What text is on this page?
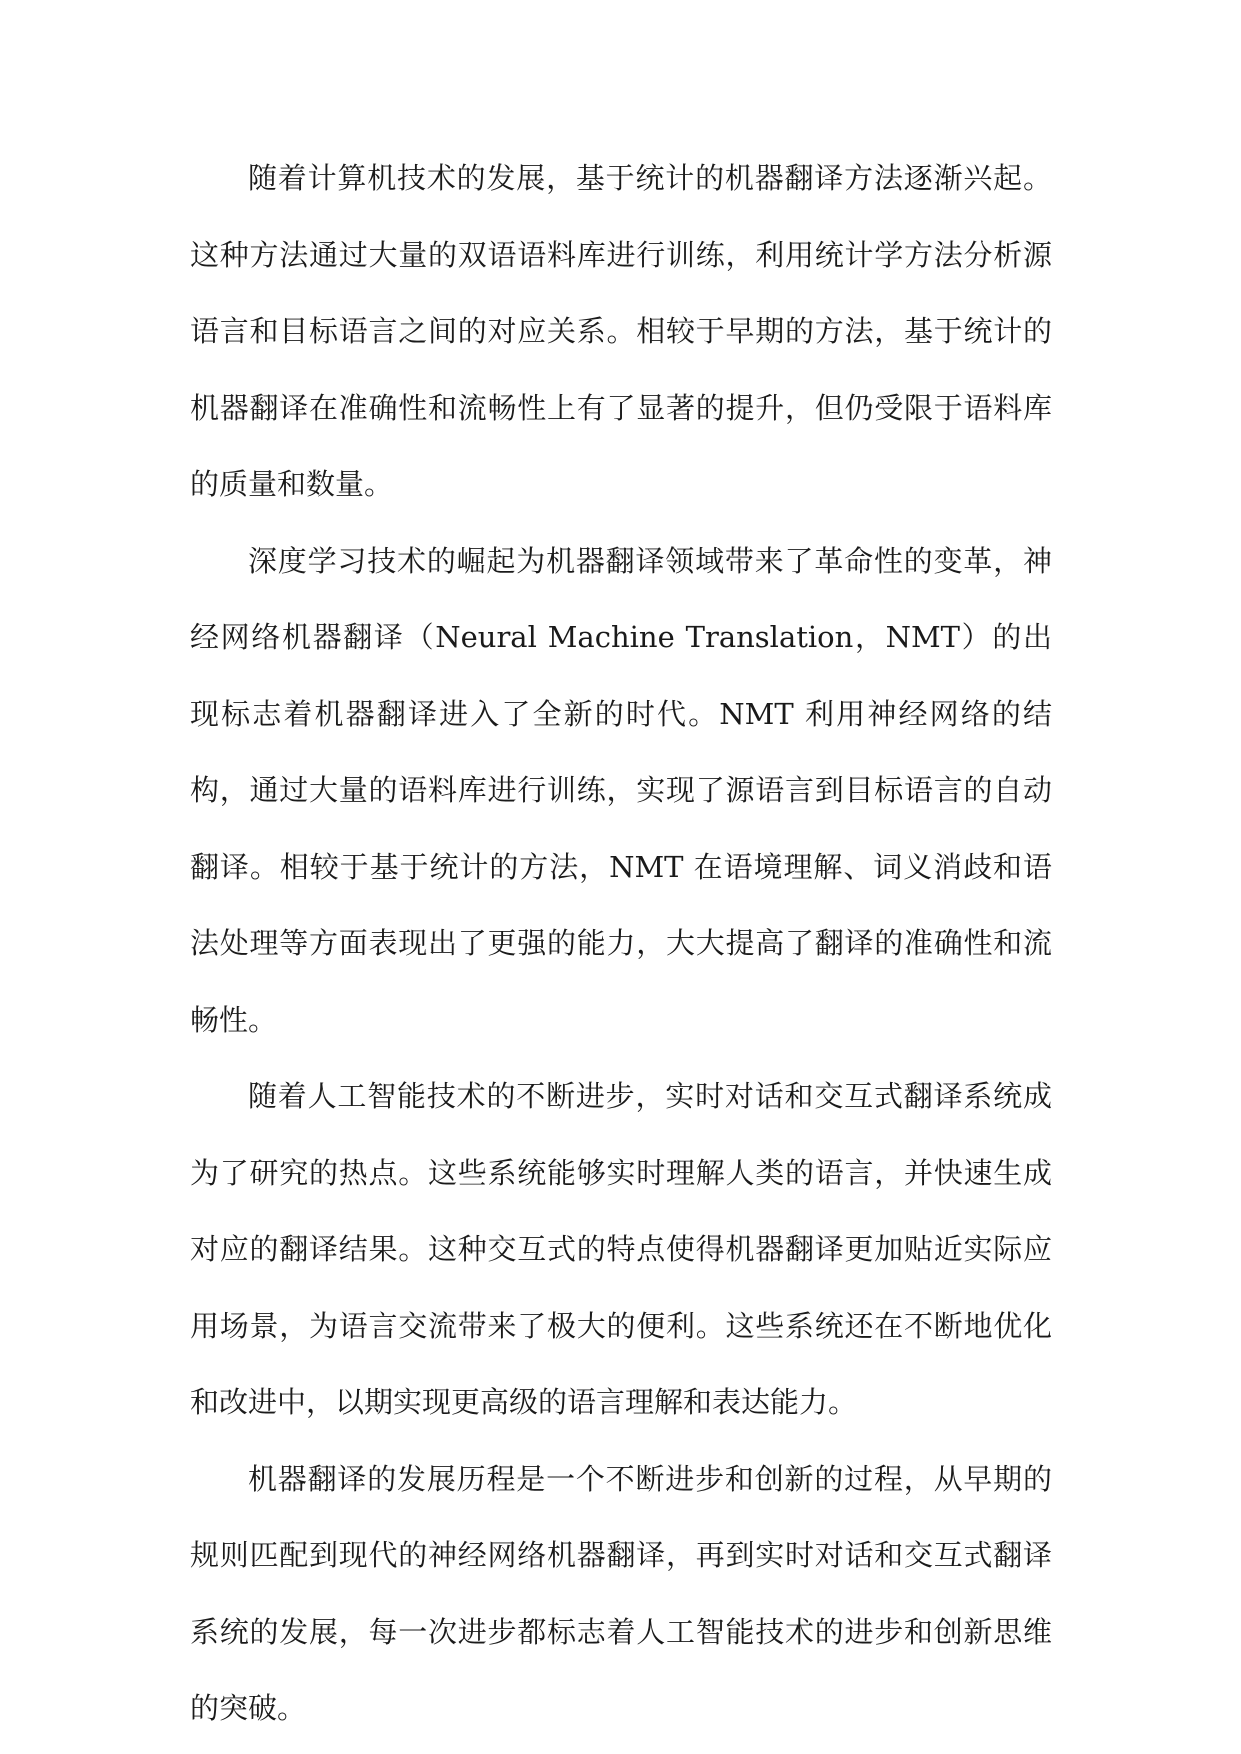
随着计算机技术的发展，基于统计的机器翻译方法逐渐兴起。这种方法通过大量的双语语料库进行训练，利用统计学方法分析源语言和目标语言之间的对应关系。相较于早期的方法，基于统计的机器翻译在准确性和流畅性上有了显著的提升，但仍受限于语料库的质量和数量。

深度学习技术的崛起为机器翻译领域带来了革命性的变革，神经网络机器翻译（Neural Machine Translation，NMT）的出现标志着机器翻译进入了全新的时代。NMT 利用神经网络的结构，通过大量的语料库进行训练，实现了源语言到目标语言的自动翻译。相较于基于统计的方法，NMT 在语境理解、词义消歧和语法处理等方面表现出了更强的能力，大大提高了翻译的准确性和流畅性。

随着人工智能技术的不断进步，实时对话和交互式翻译系统成为了研究的热点。这些系统能够实时理解人类的语言，并快速生成对应的翻译结果。这种交互式的特点使得机器翻译更加贴近实际应用场景，为语言交流带来了极大的便利。这些系统还在不断地优化和改进中，以期实现更高级的语言理解和表达能力。

机器翻译的发展历程是一个不断进步和创新的过程，从早期的规则匹配到现代的神经网络机器翻译，再到实时对话和交互式翻译系统的发展，每一次进步都标志着人工智能技术的进步和创新思维的突破。
